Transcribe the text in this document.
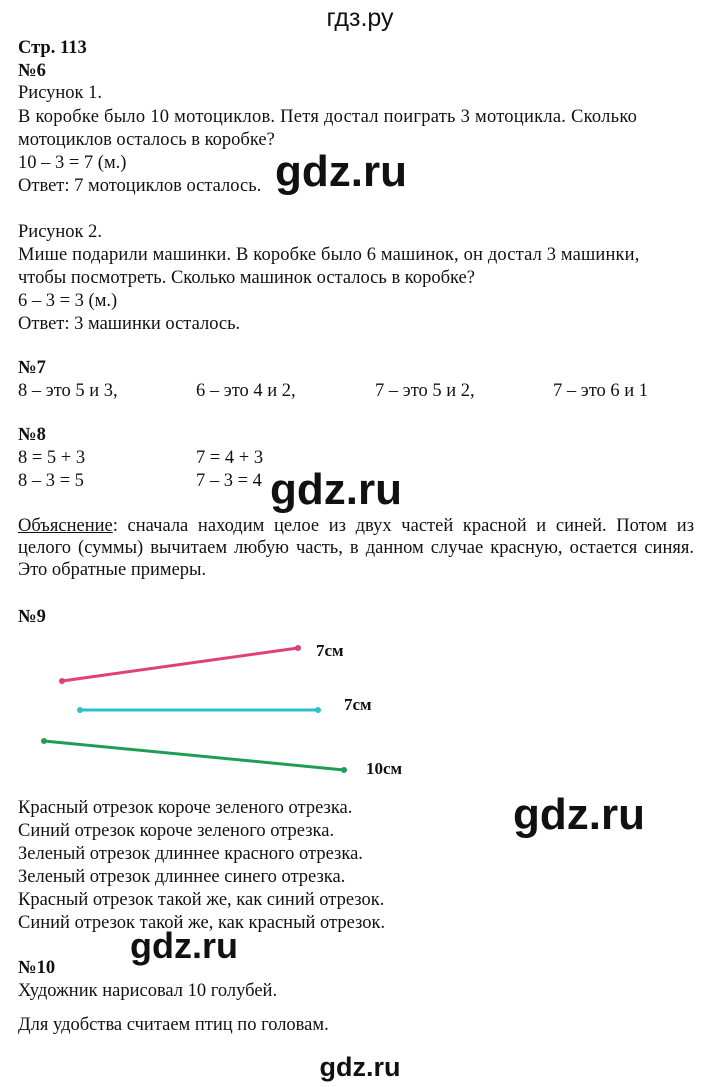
гдз.ру
Стр. 113
№6
Рисунок 1.
В коробке было 10 мотоциклов. Петя достал поиграть 3 мотоцикла. Сколько
мотоциклов осталось в коробке?
10 – 3 = 7 (м.)
Ответ: 7 мотоциклов осталось. gdz.ru
Рисунок 2.
Мише подарили машинки. В коробке было 6 машинок, он достал 3 машинки,
чтобы посмотреть. Сколько машинок осталось в коробке?
6 – 3 = 3 (м.)
Ответ: 3 машинки осталось.
№7
8 – это 5 и 3,	6 – это 4 и 2,	7 – это 5 и 2,	7 – это 6 и 1
№8
8 = 5 + 3	7 = 4 + 3
8 – 3 = 5	7 – 3 = 4 gdz.ru
Объяснение: сначала находим целое из двух частей красной и синей. Потом из целого (суммы) вычитаем любую часть, в данном случае красную, остается синяя. Это обратные примеры.
№9
7см
7см
10см
Красный отрезок короче зеленого отрезка.
Синий отрезок короче зеленого отрезка.
Зеленый отрезок длиннее красного отрезка.
Зеленый отрезок длиннее синего отрезка.
Красный отрезок такой же, как синий отрезок.
Синий отрезок такой же, как красный отрезок.
gdz.ru
gdz.ru
№10
Художник нарисовал 10 голубей.
Для удобства считаем птиц по головам.
gdz.ru
